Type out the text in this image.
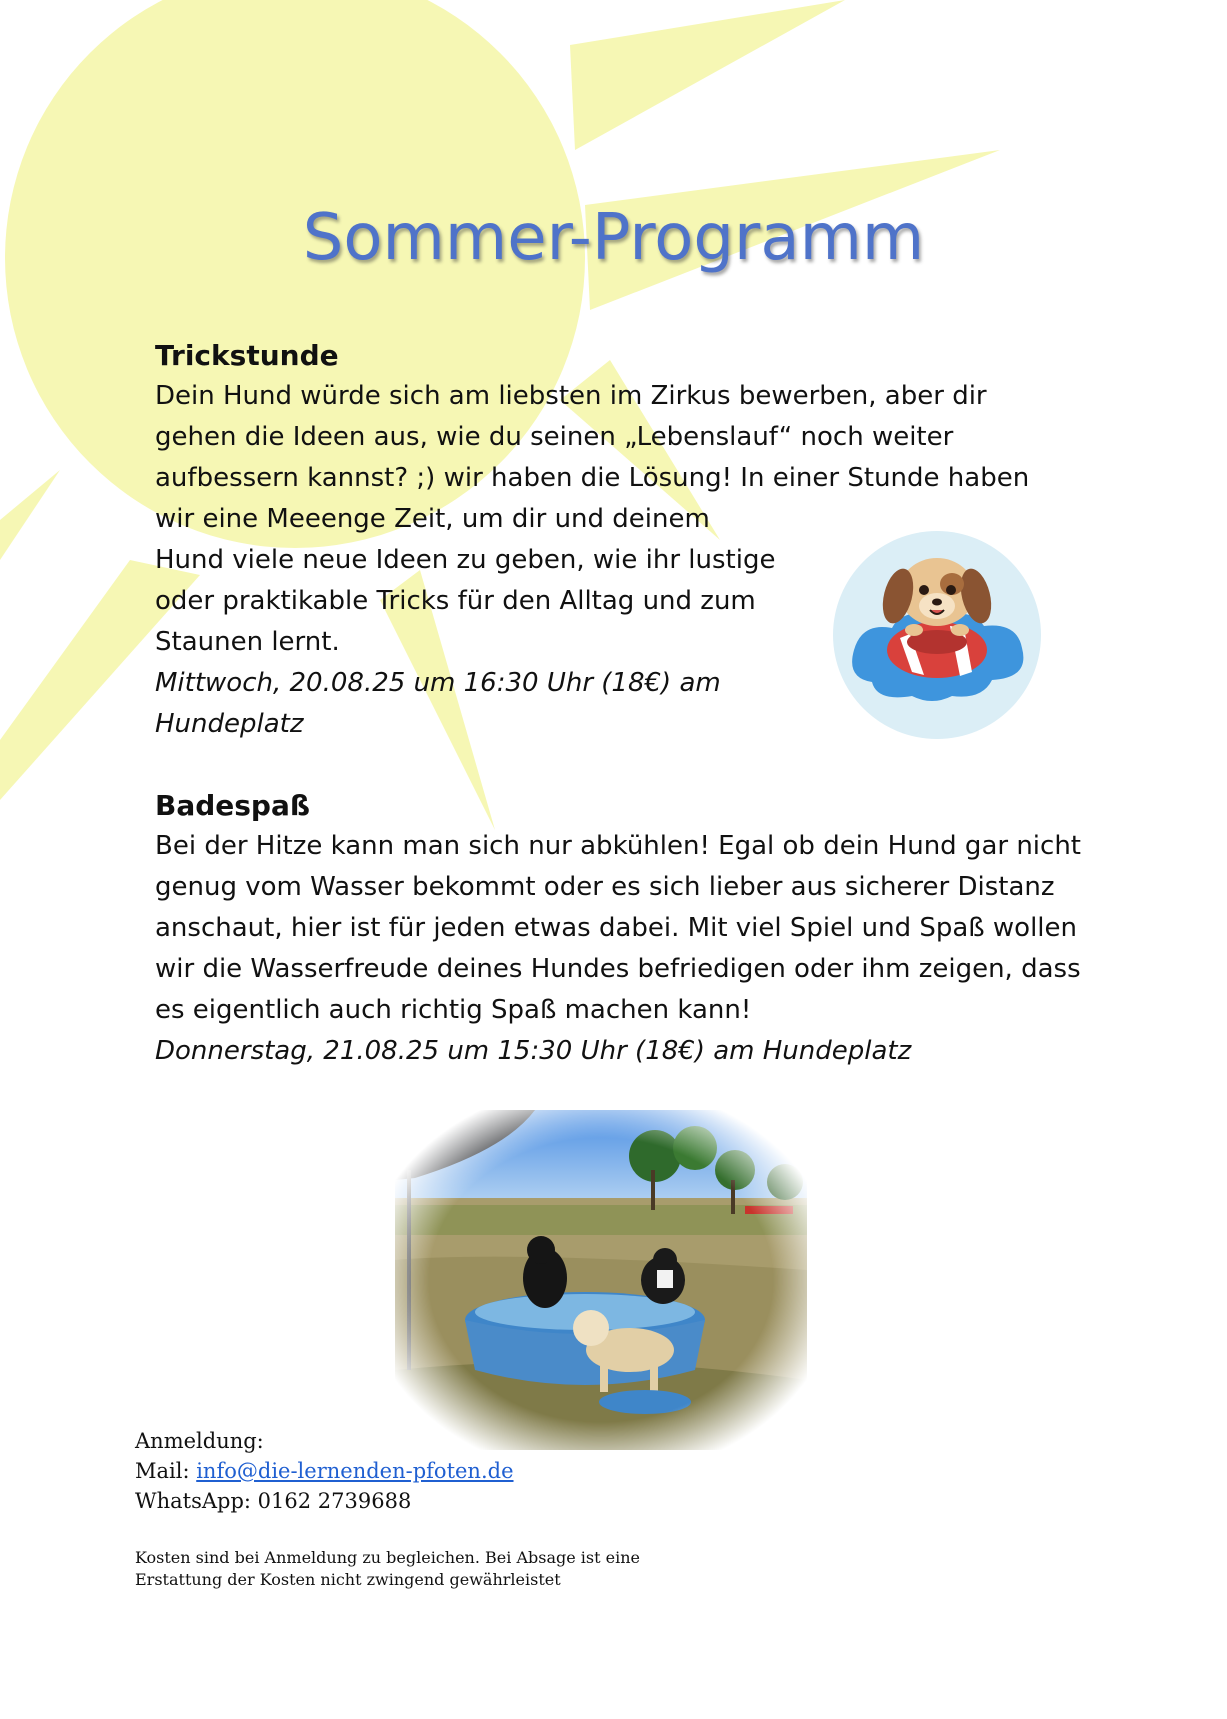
Sommer-Programm
Trickstunde

Dein Hund würde sich am liebsten im Zirkus bewerben, aber dir gehen die Ideen aus, wie du seinen „Lebenslauf“ noch weiter aufbessern kannst? ;) wir haben die Lösung! In einer Stunde haben wir eine Meeenge Zeit, um dir und deinem
Hund viele neue Ideen zu geben, wie ihr lustige oder praktikable Tricks für den Alltag und zum Staunen lernt.

Mittwoch, 20.08.25 um 16:30 Uhr (18€) am Hundeplatz

Badespaß

Bei der Hitze kann man sich nur abkühlen! Egal ob dein Hund gar nicht genug vom Wasser bekommt oder es sich lieber aus sicherer Distanz anschaut, hier ist für jeden etwas dabei. Mit viel Spiel und Spaß wollen wir die Wasserfreude deines Hundes befriedigen oder ihm zeigen, dass es eigentlich auch richtig Spaß machen kann!

Donnerstag, 21.08.25 um 15:30 Uhr (18€) am Hundeplatz

Anmeldung:
Mail: info@die-lernenden-pfoten.de
WhatsApp: 0162 2739688

Kosten sind bei Anmeldung zu begleichen. Bei Absage ist eine Erstattung der Kosten nicht zwingend gewährleistet
